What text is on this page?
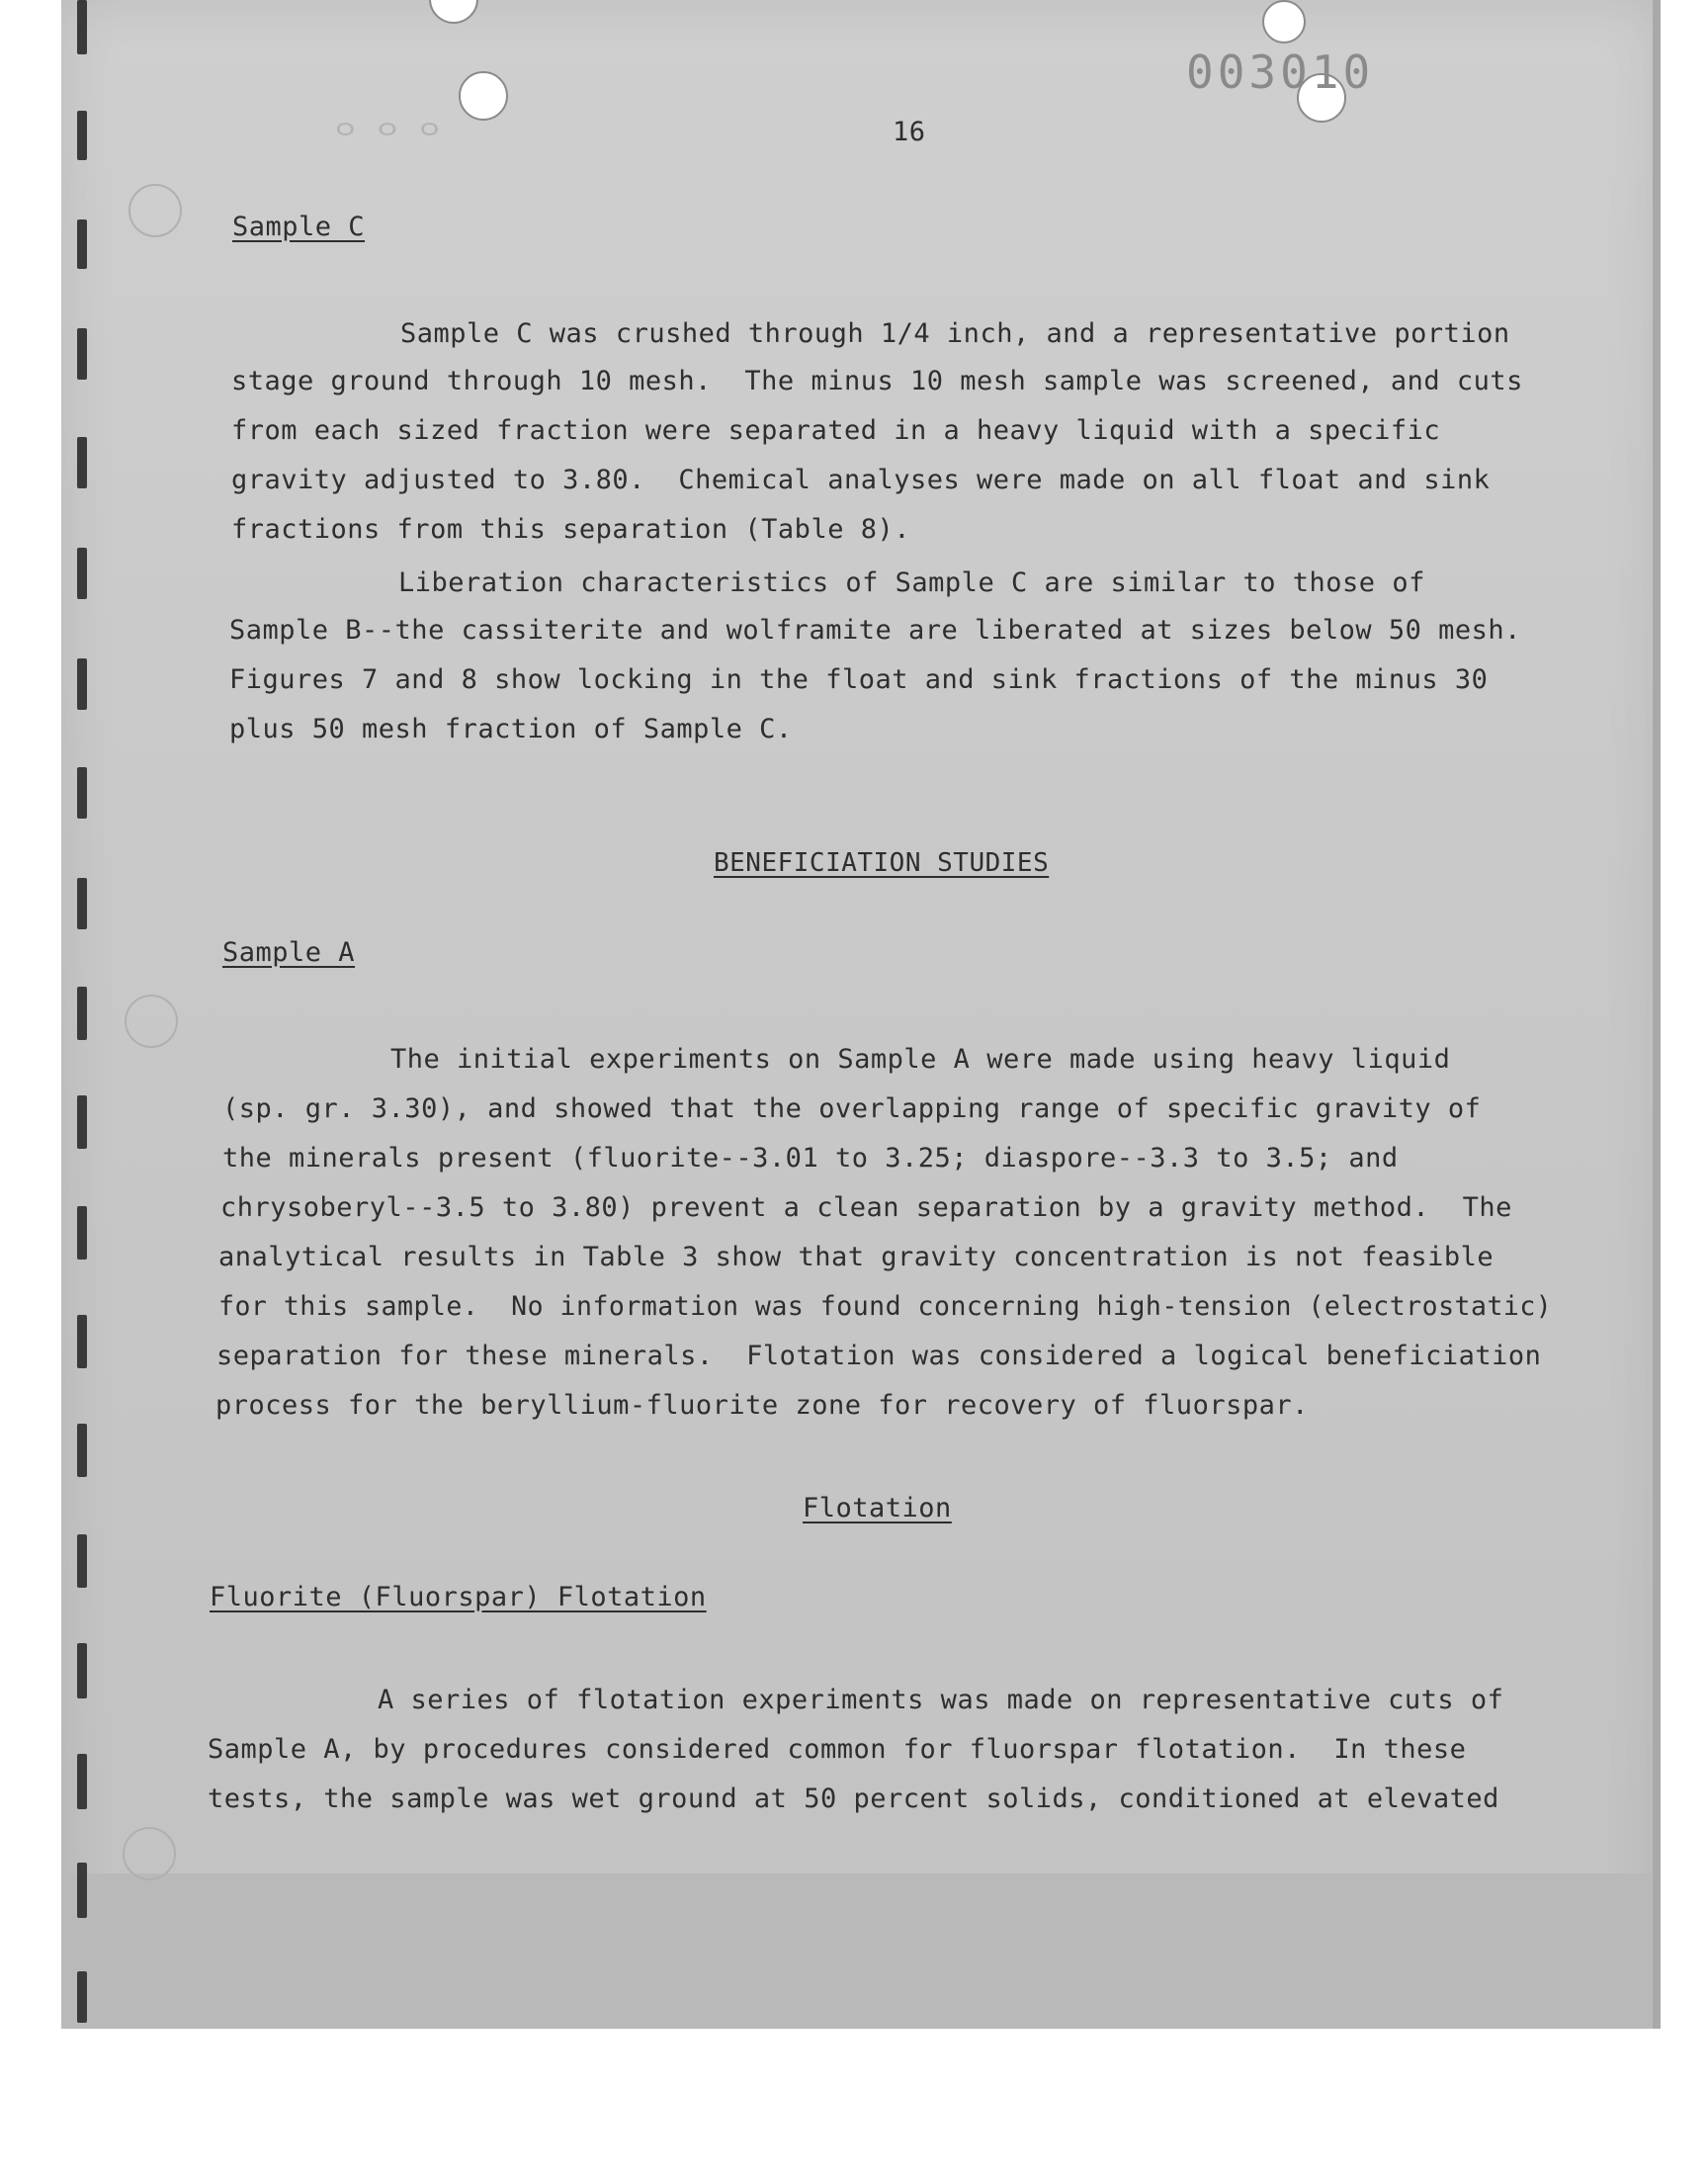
003010
ᄋᄋᄋ	16
Sample C
Sample C was crushed through 1/4 inch, and a representative portion
stage ground through 10 mesh.  The minus 10 mesh sample was screened, and cuts
from each sized fraction were separated in a heavy liquid with a specific
gravity adjusted to 3.80.  Chemical analyses were made on all float and sink
fractions from this separation (Table 8).
Liberation characteristics of Sample C are similar to those of
Sample B--the cassiterite and wolframite are liberated at sizes below 50 mesh.
Figures 7 and 8 show locking in the float and sink fractions of the minus 30
plus 50 mesh fraction of Sample C.
BENEFICIATION STUDIES
Sample A
The initial experiments on Sample A were made using heavy liquid
(sp. gr. 3.30), and showed that the overlapping range of specific gravity of
the minerals present (fluorite--3.01 to 3.25; diaspore--3.3 to 3.5; and
chrysoberyl--3.5 to 3.80) prevent a clean separation by a gravity method.  The
analytical results in Table 3 show that gravity concentration is not feasible
for this sample.  No information was found concerning high-tension (electrostatic)
separation for these minerals.  Flotation was considered a logical beneficiation
process for the beryllium-fluorite zone for recovery of fluorspar.
Flotation
Fluorite (Fluorspar) Flotation
A series of flotation experiments was made on representative cuts of
Sample A, by procedures considered common for fluorspar flotation.  In these
tests, the sample was wet ground at 50 percent solids, conditioned at elevated
